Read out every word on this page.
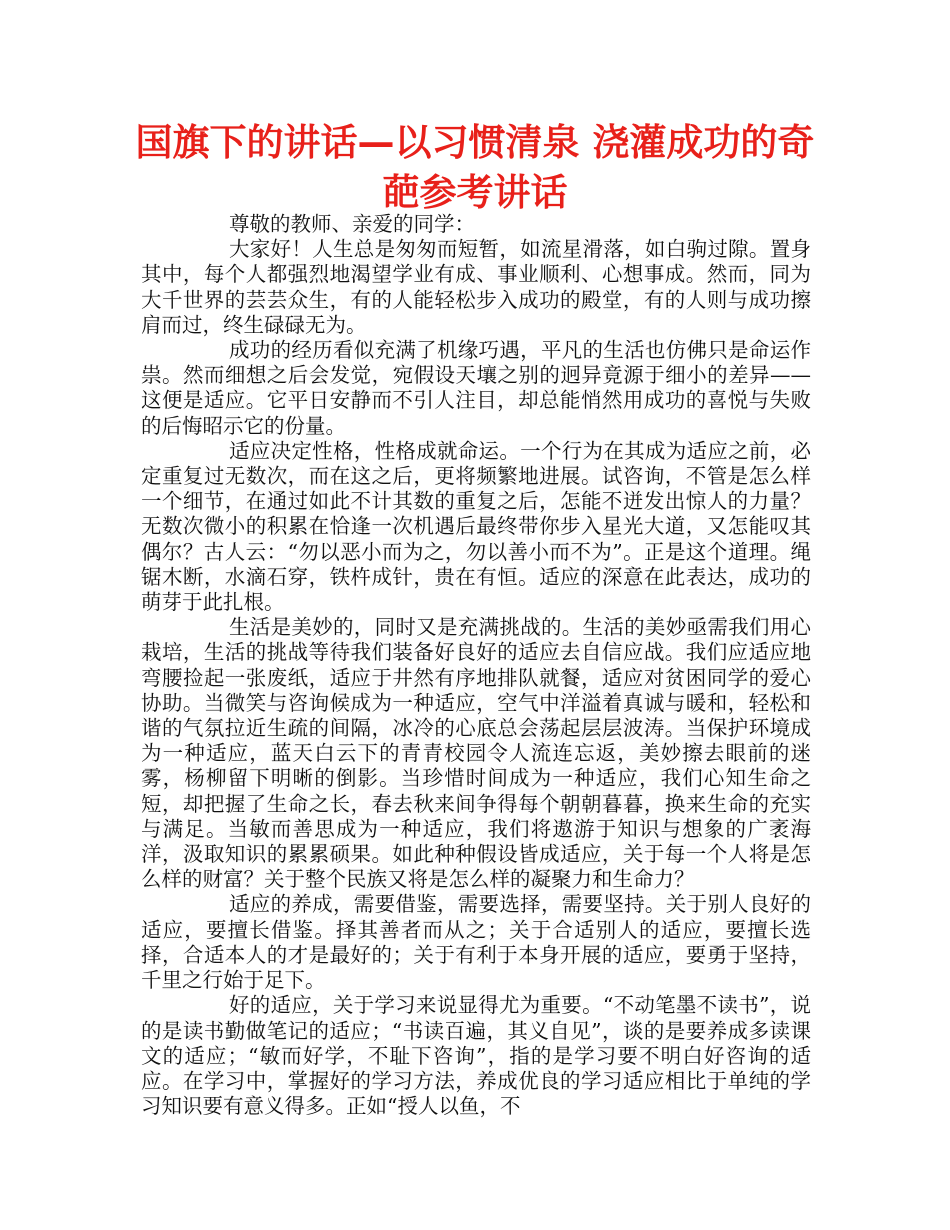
国旗下的讲话—以习惯清泉 浇灌成功的奇葩参考讲话

尊敬的教师、亲爱的同学：

大家好！人生总是匆匆而短暂，如流星滑落，如白驹过隙。置身其中，每个人都强烈地渴望学业有成、事业顺利、心想事成。然而，同为大千世界的芸芸众生，有的人能轻松步入成功的殿堂，有的人则与成功擦肩而过，终生碌碌无为。

成功的经历看似充满了机缘巧遇，平凡的生活也仿佛只是命运作祟。然而细想之后会发觉，宛假设天壤之别的迥异竟源于细小的差异——这便是适应。它平日安静而不引人注目，却总能悄然用成功的喜悦与失败的后悔昭示它的份量。

适应决定性格，性格成就命运。一个行为在其成为适应之前，必定重复过无数次，而在这之后，更将频繁地进展。试咨询，不管是怎么样一个细节，在通过如此不计其数的重复之后，怎能不迸发出惊人的力量？无数次微小的积累在恰逢一次机遇后最终带你步入星光大道，又怎能叹其偶尔？古人云：“勿以恶小而为之，勿以善小而不为”。正是这个道理。绳锯木断，水滴石穿，铁杵成针，贵在有恒。适应的深意在此表达，成功的萌芽于此扎根。

生活是美妙的，同时又是充满挑战的。生活的美妙亟需我们用心栽培，生活的挑战等待我们装备好良好的适应去自信应战。我们应适应地弯腰捡起一张废纸，适应于井然有序地排队就餐，适应对贫困同学的爱心协助。当微笑与咨询候成为一种适应，空气中洋溢着真诚与暖和，轻松和谐的气氛拉近生疏的间隔，冰冷的心底总会荡起层层波涛。当保护环境成为一种适应，蓝天白云下的青青校园令人流连忘返，美妙擦去眼前的迷雾，杨柳留下明晰的倒影。当珍惜时间成为一种适应，我们心知生命之短，却把握了生命之长，春去秋来间争得每个朝朝暮暮，换来生命的充实与满足。当敏而善思成为一种适应，我们将遨游于知识与想象的广袤海洋，汲取知识的累累硕果。如此种种假设皆成适应，关于每一个人将是怎么样的财富？关于整个民族又将是怎么样的凝聚力和生命力？

适应的养成，需要借鉴，需要选择，需要坚持。关于别人良好的适应，要擅长借鉴。择其善者而从之；关于合适别人的适应，要擅长选择，合适本人的才是最好的；关于有利于本身开展的适应，要勇于坚持，千里之行始于足下。

好的适应，关于学习来说显得尤为重要。“不动笔墨不读书”，说的是读书勤做笔记的适应；“书读百遍，其义自见”，谈的是要养成多读课文的适应；“敏而好学，不耻下咨询”，指的是学习要不明白好咨询的适应。在学习中，掌握好的学习方法，养成优良的学习适应相比于单纯的学习知识要有意义得多。正如“授人以鱼，不
